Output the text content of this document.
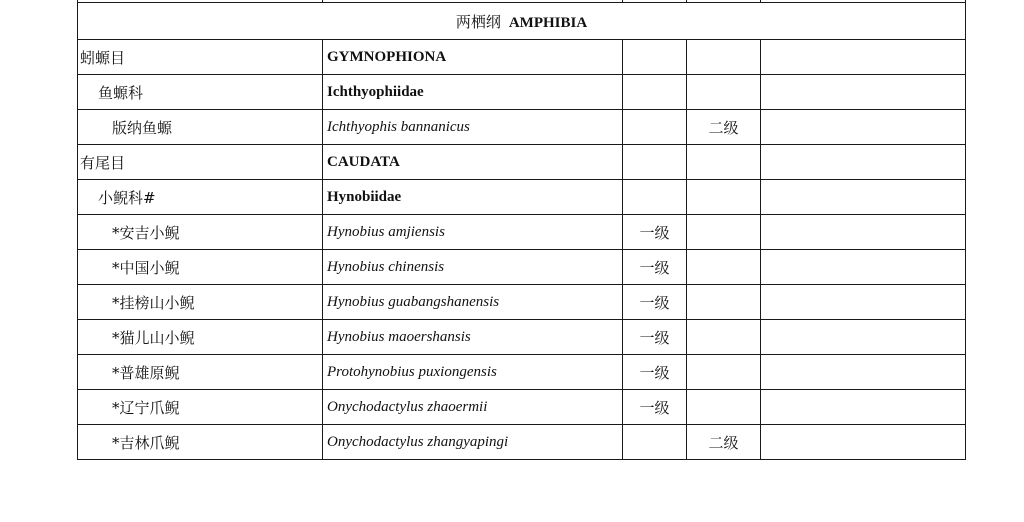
两栖纲 AMPHIBIA				
蚓螈目	GYMNOPHIONA			
鱼螈科	Ichthyophiidae			
版纳鱼螈	Ichthyophis bannanicus		二级	
有尾目	CAUDATA			
小鲵科#	Hynobiidae			
*安吉小鲵	Hynobius amjiensis	一级		
*中国小鲵	Hynobius chinensis	一级		
*挂榜山小鲵	Hynobius guabangshanensis	一级		
*猫儿山小鲵	Hynobius maoershansis	一级		
*普雄原鲵	Protohynobius puxiongensis	一级		
*辽宁爪鲵	Onychodactylus zhaoermii	一级		
*吉林爪鲵	Onychodactylus zhangyapingi		二级	
